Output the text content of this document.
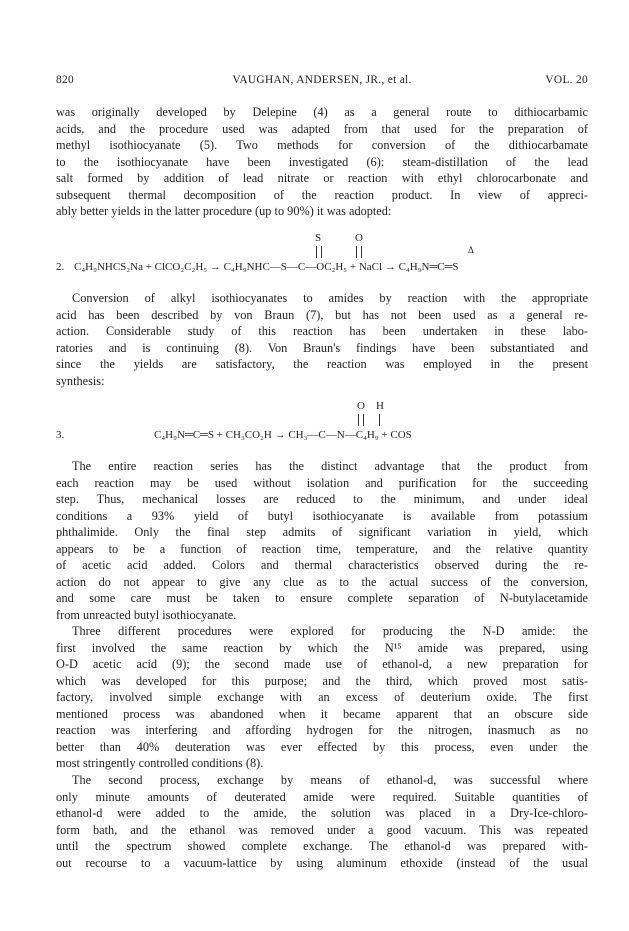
820	VAUGHAN, ANDERSEN, JR., et al.	VOL. 20
was originally developed by Delepine (4) as a general route to dithiocarbamic
acids, and the procedure used was adapted from that used for the preparation of
methyl isothiocyanate (5). Two methods for conversion of the dithiocarbamate
to the isothiocyanate have been investigated (6): steam-distillation of the lead
salt formed by addition of lead nitrate or reaction with ethyl chlorocarbonate and
subsequent thermal decomposition of the reaction product. In view of appreci-
ably better yields in the latter procedure (up to 90%) it was adopted:
S	O
Δ
2. C₄H₉NHCS₂Na + ClCO₂C₂H₅ → C₄H₉NHC—S—C—OC₂H₅ + NaCl → C₄H₉N═C═S
Conversion of alkyl isothiocyanates to amides by reaction with the appropriate
acid has been described by von Braun (7), but has not been used as a general re-
action. Considerable study of this reaction has been undertaken in these labo-
ratories and is continuing (8). Von Braun's findings have been substantiated and
since the yields are satisfactory, the reaction was employed in the present
synthesis:
O H
3.	C₄H₉N═C═S + CH₃CO₂H → CH₃—C—N—C₄H₉ + COS
The entire reaction series has the distinct advantage that the product from
each reaction may be used without isolation and purification for the succeeding
step. Thus, mechanical losses are reduced to the minimum, and under ideal
conditions a 93% yield of butyl isothiocyanate is available from potassium
phthalimide. Only the final step admits of significant variation in yield, which
appears to be a function of reaction time, temperature, and the relative quantity
of acetic acid added. Colors and thermal characteristics observed during the re-
action do not appear to give any clue as to the actual success of the conversion,
and some care must be taken to ensure complete separation of N-butylacetamide
from unreacted butyl isothiocyanate.
Three different procedures were explored for producing the N-D amide: the
first involved the same reaction by which the N¹⁵ amide was prepared, using
O-D acetic acid (9); the second made use of ethanol-d, a new preparation for
which was developed for this purpose; and the third, which proved most satis-
factory, involved simple exchange with an excess of deuterium oxide. The first
mentioned process was abandoned when it became apparent that an obscure side
reaction was interfering and affording hydrogen for the nitrogen, inasmuch as no
better than 40% deuteration was ever effected by this process, even under the
most stringently controlled conditions (8).
The second process, exchange by means of ethanol-d, was successful where
only minute amounts of deuterated amide were required. Suitable quantities of
ethanol-d were added to the amide, the solution was placed in a Dry-Ice-chloro-
form bath, and the ethanol was removed under a good vacuum. This was repeated
until the spectrum showed complete exchange. The ethanol-d was prepared with-
out recourse to a vacuum-lattice by using aluminum ethoxide (instead of the usual
